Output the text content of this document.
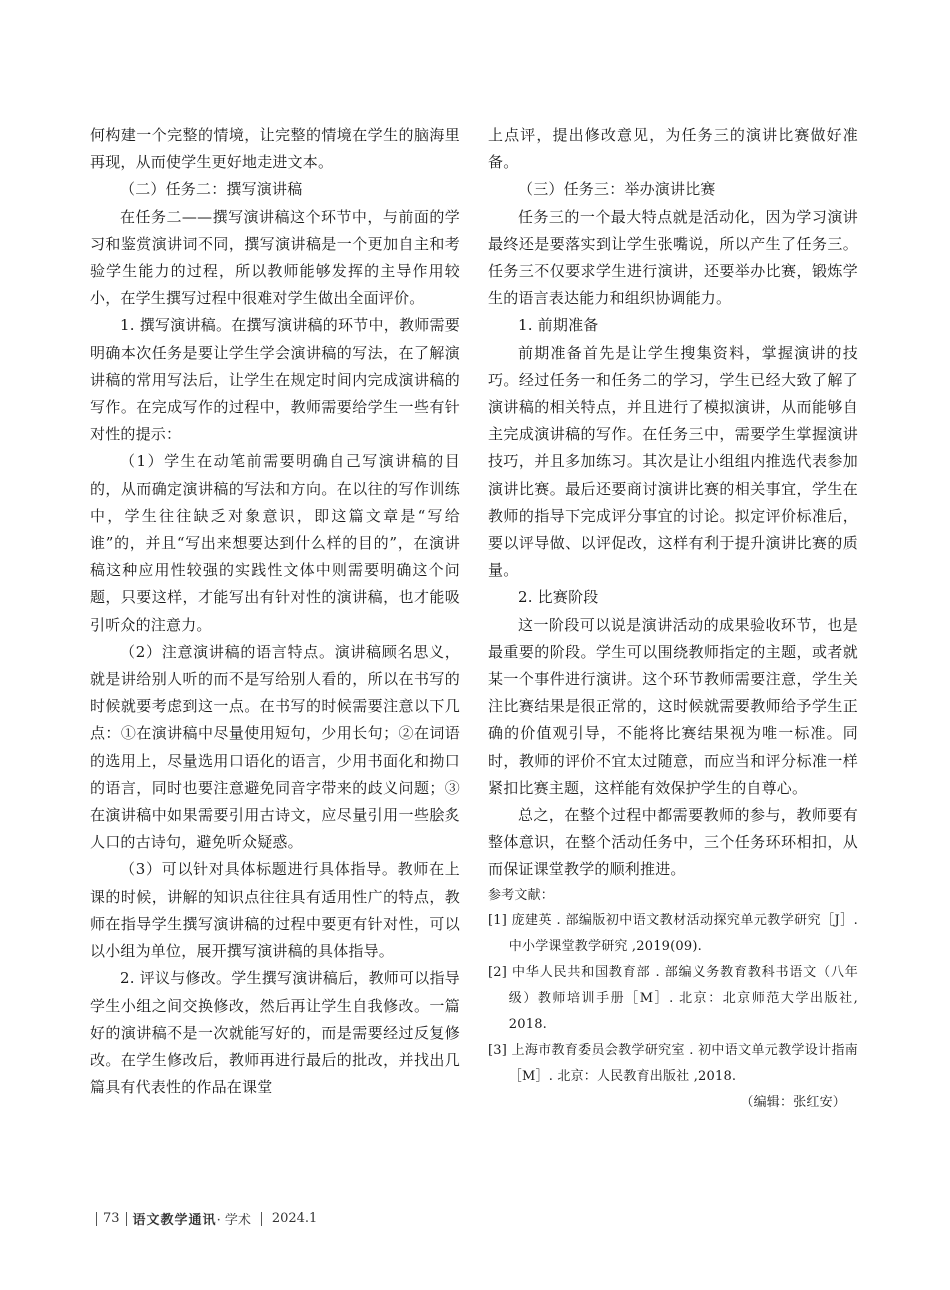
何构建一个完整的情境，让完整的情境在学生的脑海里再现，从而使学生更好地走进文本。

（二）任务二：撰写演讲稿

在任务二——撰写演讲稿这个环节中，与前面的学习和鉴赏演讲词不同，撰写演讲稿是一个更加自主和考验学生能力的过程，所以教师能够发挥的主导作用较小，在学生撰写过程中很难对学生做出全面评价。

1. 撰写演讲稿。在撰写演讲稿的环节中，教师需要明确本次任务是要让学生学会演讲稿的写法，在了解演讲稿的常用写法后，让学生在规定时间内完成演讲稿的写作。在完成写作的过程中，教师需要给学生一些有针对性的提示：

（1）学生在动笔前需要明确自己写演讲稿的目的，从而确定演讲稿的写法和方向。在以往的写作训练中，学生往往缺乏对象意识，即这篇文章是“写给谁”的，并且“写出来想要达到什么样的目的”，在演讲稿这种应用性较强的实践性文体中则需要明确这个问题，只要这样，才能写出有针对性的演讲稿，也才能吸引听众的注意力。

（2）注意演讲稿的语言特点。演讲稿顾名思义，就是讲给别人听的而不是写给别人看的，所以在书写的时候就要考虑到这一点。在书写的时候需要注意以下几点：①在演讲稿中尽量使用短句，少用长句；②在词语的选用上，尽量选用口语化的语言，少用书面化和拗口的语言，同时也要注意避免同音字带来的歧义问题；③在演讲稿中如果需要引用古诗文，应尽量引用一些脍炙人口的古诗句，避免听众疑惑。

（3）可以针对具体标题进行具体指导。教师在上课的时候，讲解的知识点往往具有适用性广的特点，教师在指导学生撰写演讲稿的过程中要更有针对性，可以以小组为单位，展开撰写演讲稿的具体指导。

2. 评议与修改。学生撰写演讲稿后，教师可以指导学生小组之间交换修改，然后再让学生自我修改。一篇好的演讲稿不是一次就能写好的，而是需要经过反复修改。在学生修改后，教师再进行最后的批改，并找出几篇具有代表性的作品在课堂

上点评，提出修改意见，为任务三的演讲比赛做好准备。

（三）任务三：举办演讲比赛

任务三的一个最大特点就是活动化，因为学习演讲最终还是要落实到让学生张嘴说，所以产生了任务三。任务三不仅要求学生进行演讲，还要举办比赛，锻炼学生的语言表达能力和组织协调能力。

1. 前期准备

前期准备首先是让学生搜集资料，掌握演讲的技巧。经过任务一和任务二的学习，学生已经大致了解了演讲稿的相关特点，并且进行了模拟演讲，从而能够自主完成演讲稿的写作。在任务三中，需要学生掌握演讲技巧，并且多加练习。其次是让小组组内推选代表参加演讲比赛。最后还要商讨演讲比赛的相关事宜，学生在教师的指导下完成评分事宜的讨论。拟定评价标准后，要以评导做、以评促改，这样有利于提升演讲比赛的质量。

2. 比赛阶段

这一阶段可以说是演讲活动的成果验收环节，也是最重要的阶段。学生可以围绕教师指定的主题，或者就某一个事件进行演讲。这个环节教师需要注意，学生关注比赛结果是很正常的，这时候就需要教师给予学生正确的价值观引导，不能将比赛结果视为唯一标准。同时，教师的评价不宜太过随意，而应当和评分标准一样紧扣比赛主题，这样能有效保护学生的自尊心。

总之，在整个过程中都需要教师的参与，教师要有整体意识，在整个活动任务中，三个任务环环相扣，从而保证课堂教学的顺利推进。

参考文献：

[1] 庞建英 . 部编版初中语文教材活动探究单元教学研究［J］. 中小学课堂教学研究 ,2019(09).

[2] 中华人民共和国教育部 . 部编义务教育教科书语文（八年级）教师培训手册［M］. 北京：北京师范大学出版社, 2018.

[3] 上海市教育委员会教学研究室 . 初中语文单元教学设计指南［M］. 北京：人民教育出版社 ,2018.

（编辑：张红安）

73 语文教学通讯 · 学术 2024.1
